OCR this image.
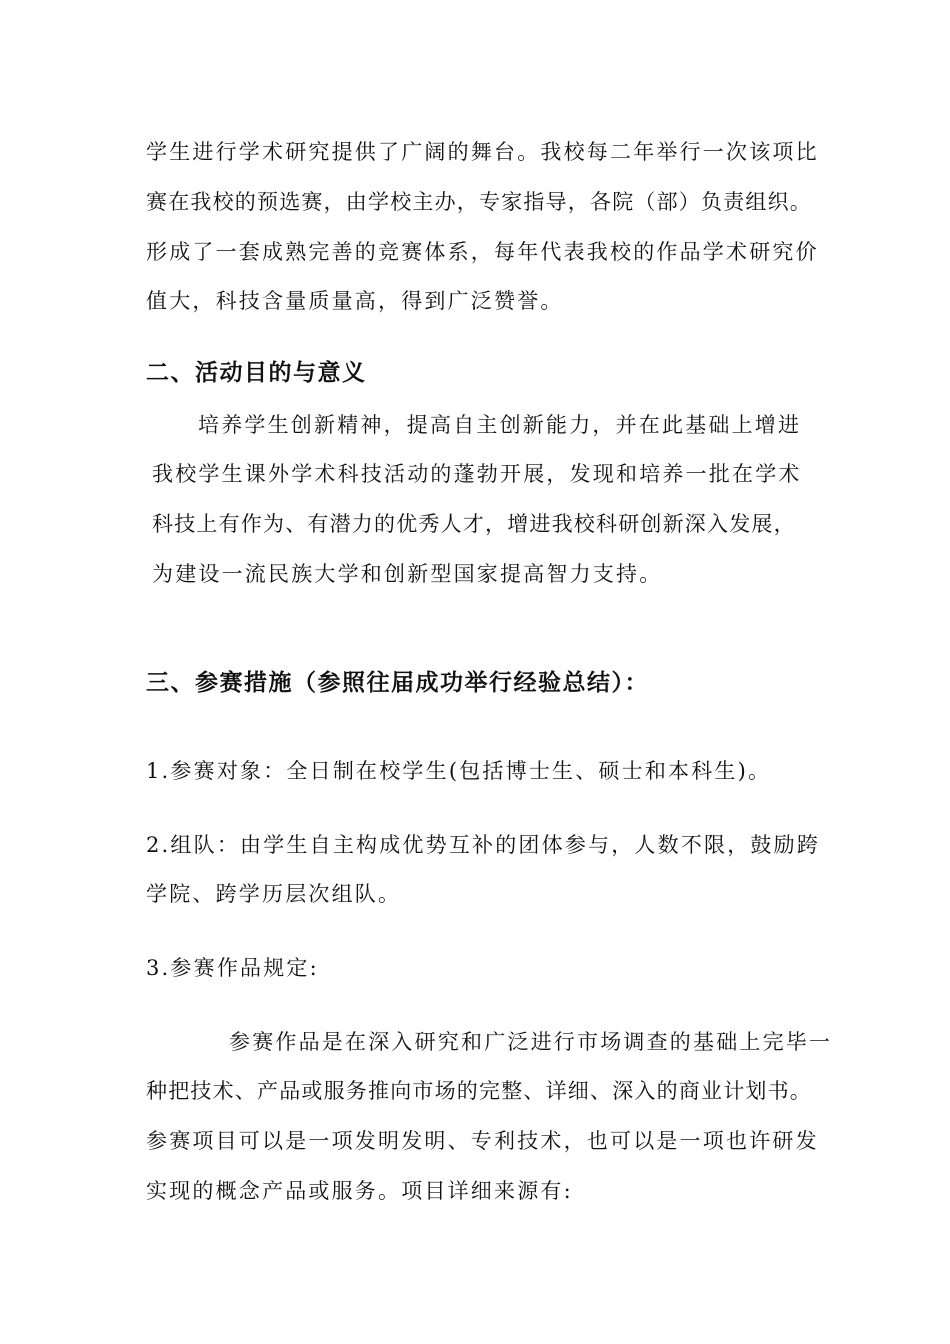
学生进行学术研究提供了广阔的舞台。我校每二年举行一次该项比
赛在我校的预选赛，由学校主办，专家指导，各院（部）负责组织。
形成了一套成熟完善的竞赛体系，每年代表我校的作品学术研究价
值大，科技含量质量高，得到广泛赞誉。
二、活动目的与意义
培养学生创新精神，提高自主创新能力，并在此基础上增进
我校学生课外学术科技活动的蓬勃开展，发现和培养一批在学术
科技上有作为、有潜力的优秀人才，增进我校科研创新深入发展，
为建设一流民族大学和创新型国家提高智力支持。
三、参赛措施（参照往届成功举行经验总结）：
1.参赛对象：全日制在校学生(包括博士生、硕士和本科生)。
2.组队：由学生自主构成优势互补的团体参与，人数不限，鼓励跨
学院、跨学历层次组队。
3.参赛作品规定:
参赛作品是在深入研究和广泛进行市场调查的基础上完毕一
种把技术、产品或服务推向市场的完整、详细、深入的商业计划书。
参赛项目可以是一项发明发明、专利技术，也可以是一项也许研发
实现的概念产品或服务。项目详细来源有:
